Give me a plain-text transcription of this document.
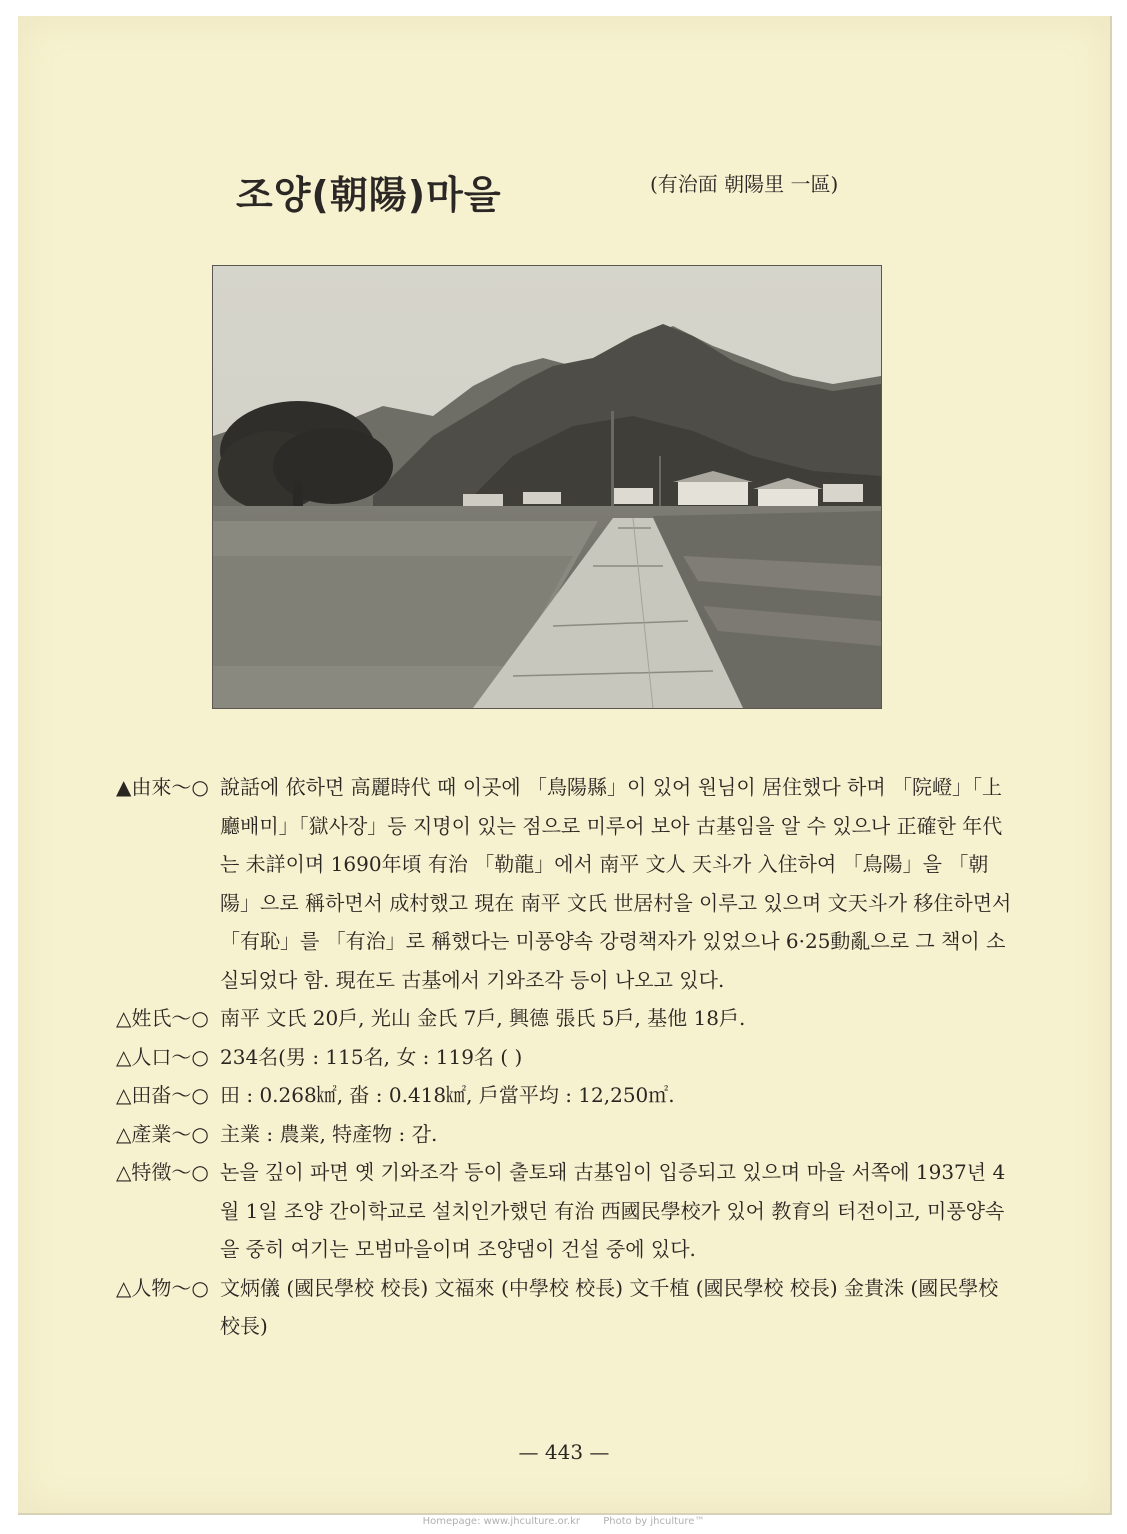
조양(朝陽)마을	(有治面 朝陽里 一區)
▲由來〜○ 說話에 依하면 高麗時代 때 이곳에 「鳥陽縣」이 있어 원님이 居住했다 하며 「院嶝」「上廳배미」「獄사장」등 지명이 있는 점으로 미루어 보아 古基임을 알 수 있으나 正確한 年代는 未詳이며 1690年頃 有治 「勒龍」에서 南平 文人 天斗가 入住하여 「鳥陽」을 「朝陽」으로 稱하면서 成村했고 現在 南平 文氏 世居村을 이루고 있으며 文天斗가 移住하면서 「有恥」를 「有治」로 稱했다는 미풍양속 강령책자가 있었으나 6·25動亂으로 그 책이 소실되었다 함. 現在도 古基에서 기와조각 등이 나오고 있다.
△姓氏〜○ 南平 文氏 20戶, 光山 金氏 7戶, 興德 張氏 5戶, 基他 18戶.
△人口〜○ 234名(男 : 115名, 女 : 119名 ( )
△田畓〜○ 田 : 0.268㎢, 畓 : 0.418㎢, 戶當平均 : 12,250㎡.
△產業〜○ 主業 : 農業, 特產物 : 감.
△特徵〜○ 논을 깊이 파면 옛 기와조각 등이 출토돼 古基임이 입증되고 있으며 마을 서쪽에 1937년 4월 1일 조양 간이학교로 설치인가했던 有治 西國民學校가 있어 教育의 터전이고, 미풍양속을 중히 여기는 모범마을이며 조양댐이 건설 중에 있다.
△人物〜○ 文炳儀 (國民學校 校長) 文福來 (中學校 校長) 文千植 (國民學校 校長) 金貴洙 (國民學校 校長)
— 443 —
Homepage: www.jhculture.or.kr Photo by jhculture™
